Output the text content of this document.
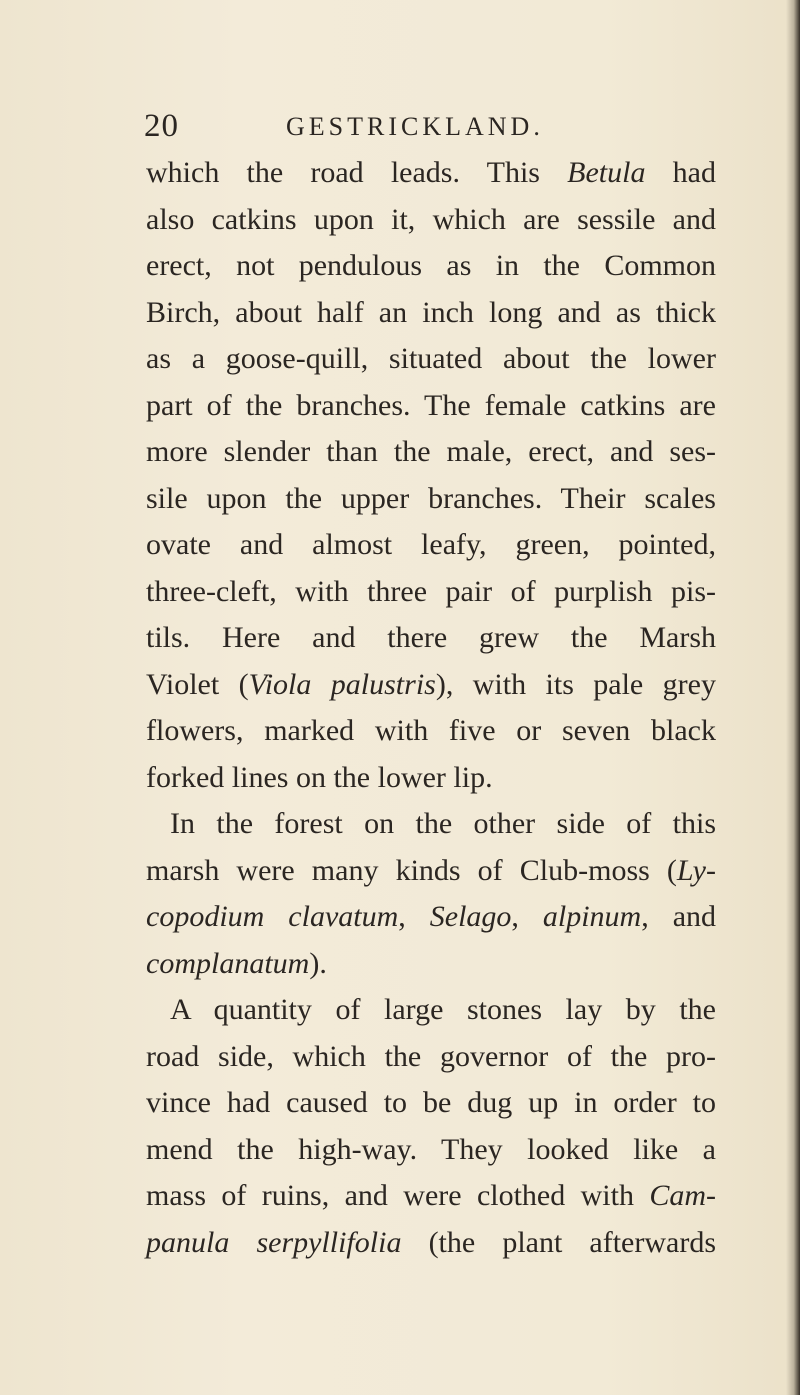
20	GESTRICKLAND.
which the road leads. This Betula had
also catkins upon it, which are sessile and
erect, not pendulous as in the Common
Birch, about half an inch long and as thick
as a goose-quill, situated about the lower
part of the branches. The female catkins are
more slender than the male, erect, and ses-
sile upon the upper branches. Their scales
ovate and almost leafy, green, pointed,
three-cleft, with three pair of purplish pis-
tils. Here and there grew the Marsh
Violet (Viola palustris), with its pale grey
flowers, marked with five or seven black
forked lines on the lower lip.
In the forest on the other side of this
marsh were many kinds of Club-moss (Ly-
copodium clavatum, Selago, alpinum, and
complanatum).
A quantity of large stones lay by the
road side, which the governor of the pro-
vince had caused to be dug up in order to
mend the high-way. They looked like a
mass of ruins, and were clothed with Cam-
panula serpyllifolia (the plant afterwards
